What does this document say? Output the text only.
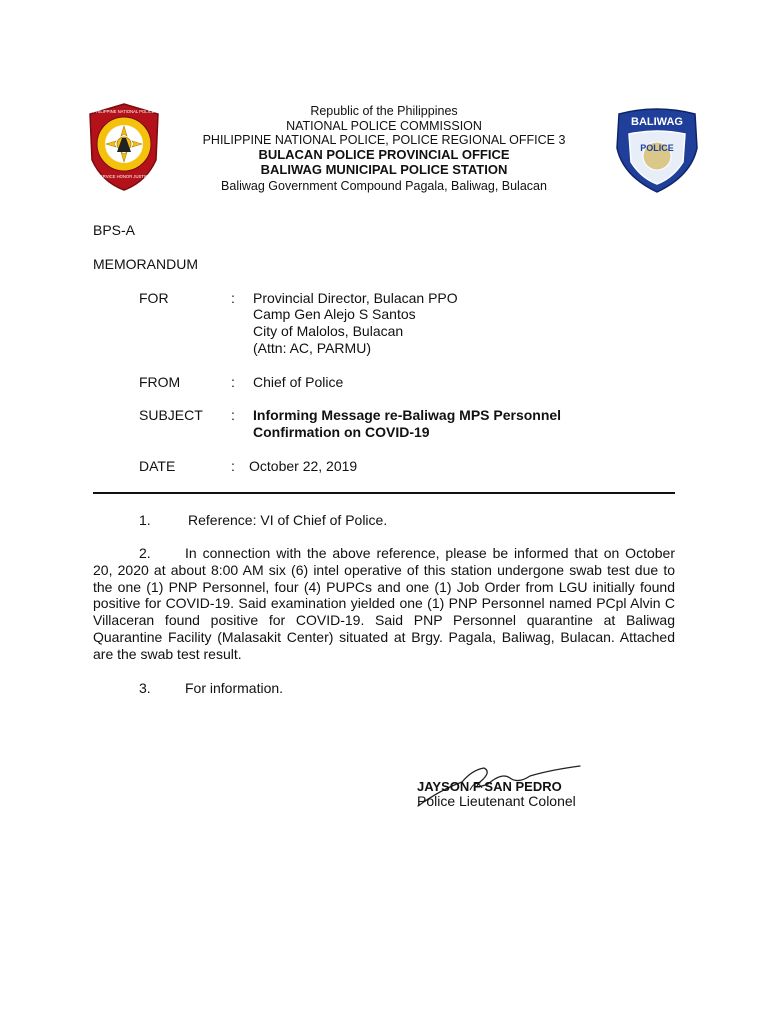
SERVICE HONOR JUSTICE
PHILIPPINE NATIONAL POLICE
BALIWAG
POLICE
Republic of the Philippines
NATIONAL POLICE COMMISSION
PHILIPPINE NATIONAL POLICE, POLICE REGIONAL OFFICE 3
BULACAN POLICE PROVINCIAL OFFICE
BALIWAG MUNICIPAL POLICE STATION
Baliwag Government Compound Pagala, Baliwag, Bulacan
BPS-A
MEMORANDUM
FOR	: Provincial Director, Bulacan PPO
Camp Gen Alejo S Santos
City of Malolos, Bulacan
(Attn: AC, PARMU)
FROM	: Chief of Police
SUBJECT : Informing Message re-Baliwag MPS Personnel
Confirmation on COVID-19
DATE	: October 22, 2019
1.	Reference: VI of Chief of Police.
2.	In connection with the above reference, please be informed that on October 20, 2020 at about 8:00 AM six (6) intel operative of this station undergone swab test due to the one (1) PNP Personnel, four (4) PUPCs and one (1) Job Order from LGU initially found positive for COVID-19. Said examination yielded one (1) PNP Personnel named PCpl Alvin C Villaceran found positive for COVID-19. Said PNP Personnel quarantine at Baliwag Quarantine Facility (Malasakit Center) situated at Brgy. Pagala, Baliwag, Bulacan. Attached are the swab test result.
3. For information.
JAYSON F SAN PEDRO
Police Lieutenant Colonel
